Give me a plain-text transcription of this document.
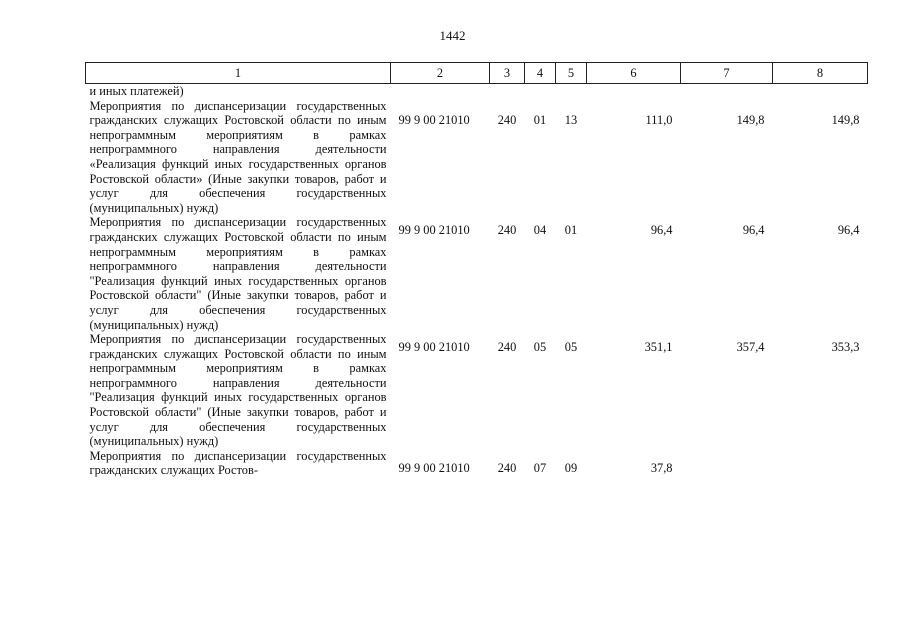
1442
1	2	3	4	5	6	7	8
и иных платежей)							
Мероприятия по диспансеризации государственных гражданских служащих Ростовской области по иным непрограммным мероприятиям в рамках непрограммного направления деятельности «Реализация функций иных государственных органов Ростовской области» (Иные закупки товаров, работ и услуг для обеспечения государственных (муниципальных) нужд)	99 9 00 21010	240	01	13	111,0	149,8	149,8
Мероприятия по диспансеризации государственных гражданских служащих Ростовской области по иным непрограммным мероприятиям в рамках непрограммного направления деятельности "Реализация функций иных государственных органов Ростовской области" (Иные закупки товаров, работ и услуг для обеспечения государственных (муниципальных) нужд)	99 9 00 21010	240	04	01	96,4	96,4	96,4
Мероприятия по диспансеризации государственных гражданских служащих Ростовской области по иным непрограммным мероприятиям в рамках непрограммного направления деятельности "Реализация функций иных государственных органов Ростовской области" (Иные закупки товаров, работ и услуг для обеспечения государственных (муниципальных) нужд)	99 9 00 21010	240	05	05	351,1	357,4	353,3
Мероприятия по диспансеризации государственных гражданских служащих Ростов-	99 9 00 21010	240	07	09	37,8		
